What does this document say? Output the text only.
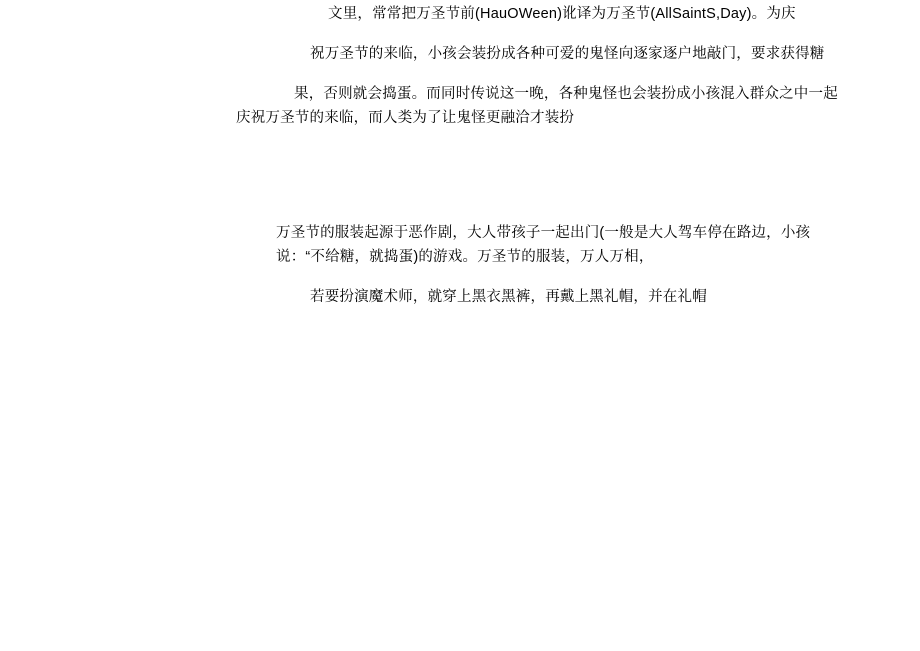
文里，常常把万圣节前(HauOWeen)讹译为万圣节(AllSaintS,Day)。为庆
祝万圣节的来临，小孩会装扮成各种可爱的鬼怪向逐家逐户地敲门，要求获得糖
果，否则就会捣蛋。而同时传说这一晚，各种鬼怪也会装扮成小孩混入群众之中一起
庆祝万圣节的来临，而人类为了让鬼怪更融洽才装扮
万圣节的服装起源于恶作剧，大人带孩子一起出门(一般是大人驾车停在路边，小孩
说：“不给糖，就捣蛋)的游戏。万圣节的服装，万人万相，
若要扮演魔术师，就穿上黑衣黑裤，再戴上黑礼帽，并在礼帽
